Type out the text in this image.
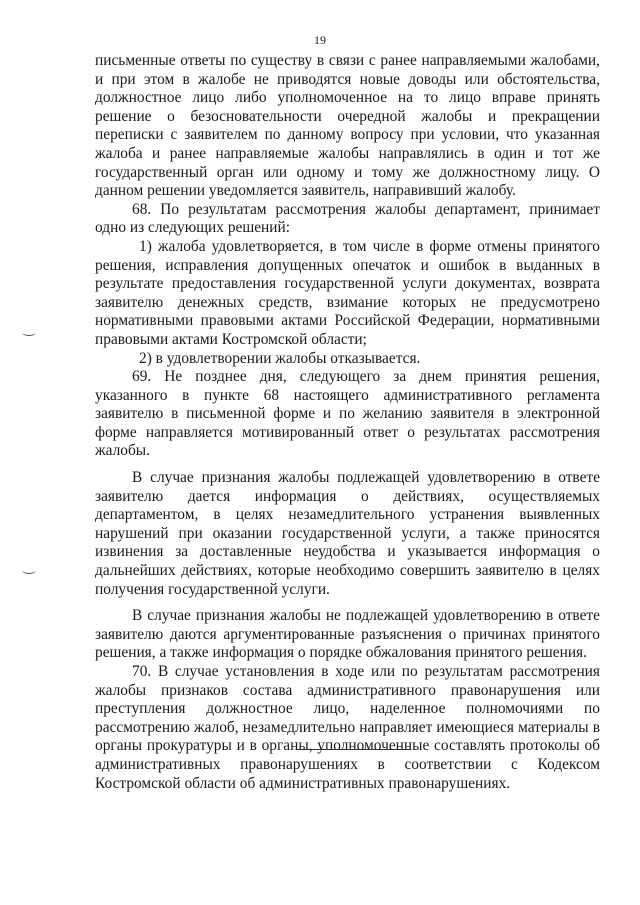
19

письменные ответы по существу в связи с ранее направляемыми жалобами, и при этом в жалобе не приводятся новые доводы или обстоятельства, должностное лицо либо уполномоченное на то лицо вправе принять решение о безосновательности очередной жалобы и прекращении переписки с заявителем по данному вопросу при условии, что указанная жалоба и ранее направляемые жалобы направлялись в один и тот же государственный орган или одному и тому же должностному лицу. О данном решении уведомляется заявитель, направивший жалобу.

68. По результатам рассмотрения жалобы департамент, принимает одно из следующих решений:

1) жалоба удовлетворяется, в том числе в форме отмены принятого решения, исправления допущенных опечаток и ошибок в выданных в результате предоставления государственной услуги документах, возврата заявителю денежных средств, взимание которых не предусмотрено нормативными правовыми актами Российской Федерации, нормативными правовыми актами Костромской области;

2) в удовлетворении жалобы отказывается.

69. Не позднее дня, следующего за днем принятия решения, указанного в пункте 68 настоящего административного регламента заявителю в письменной форме и по желанию заявителя в электронной форме направляется мотивированный ответ о результатах рассмотрения жалобы.

В случае признания жалобы подлежащей удовлетворению в ответе заявителю дается информация о действиях, осуществляемых департаментом, в целях незамедлительного устранения выявленных нарушений при оказании государственной услуги, а также приносятся извинения за доставленные неудобства и указывается информация о дальнейших действиях, которые необходимо совершить заявителю в целях получения государственной услуги.

В случае признания жалобы не подлежащей удовлетворению в ответе заявителю даются аргументированные разъяснения о причинах принятого решения, а также информация о порядке обжалования принятого решения.

70. В случае установления в ходе или по результатам рассмотрения жалобы признаков состава административного правонарушения или преступления должностное лицо, наделенное полномочиями по рассмотрению жалоб, незамедлительно направляет имеющиеся материалы в органы прокуратуры и в органы, уполномоченные составлять протоколы об административных правонарушениях в соответствии с Кодексом Костромской области об административных правонарушениях.
